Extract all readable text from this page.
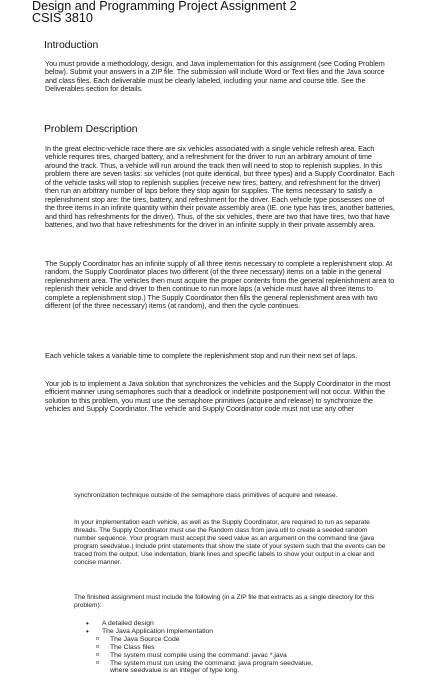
Design and Programming Project Assignment 2
CSIS 3810
Introduction

You must provide a methodology, design, and Java implementation for this assignment (see Coding Problem below). Submit your answers in a ZIP file. The submission will include Word or Text files and the Java source and class files. Each deliverable must be clearly labeled, including your name and course title. See the Deliverables section for details.

Problem Description

In the great electric-vehicle race there are six vehicles associated with a single vehicle refresh area. Each vehicle requires tires, charged battery, and a refreshment for the driver to run an arbitrary amount of time around the track. Thus, a vehicle will run around the track then will need to stop to replenish supplies. In this problem there are seven tasks: six vehicles (not quite identical, but three types) and a Supply Coordinator. Each of the vehicle tasks will stop to replenish supplies (receive new tires, battery, and refreshment for the driver) then run an arbitrary number of laps before they stop again for supplies. The items necessary to satisfy a replenishment stop are: the tires, battery, and refreshment for the driver. Each vehicle type possesses one of the three items in an infinite quantity within their private assembly area (IE. one type has tires, another batteries, and third has refreshments for the driver). Thus, of the six vehicles, there are two that have tires, two that have batteries, and two that have refreshments for the driver in an infinite supply in their private assembly area.

The Supply Coordinator has an infinite supply of all three items necessary to complete a replenishment stop. At random, the Supply Coordinator places two different (of the three necessary) items on a table in the general replenishment area. The vehicles then must acquire the proper contents from the general replenishment area to replenish their vehicle and driver to then continue to run more laps (a vehicle must have all three items to complete a replenishment stop.) The Supply Coordinator then fills the general replenishment area with two different (of the three necessary) items (at random), and then the cycle continues.

Each vehicle takes a variable time to complete the replenishment stop and run their next set of laps.

Your job is to implement a Java solution that synchronizes the vehicles and the Supply Coordinator in the most efficient manner using semaphores such that a deadlock or indefinite postponement will not occur. Within the solution to this problem, you must use the semaphore primitives (acquire and release) to synchronize the vehicles and Supply Coordinator. The vehicle and Supply Coordinator code must not use any other

synchronization technique outside of the semaphore class primitives of acquire and release.

In your implementation each vehicle, as well as the Supply Coordinator, are required to run as separate threads. The Supply Coordinator must use the Random class from java.util to create a seeded random number sequence. Your program must accept the seed value as an argument on the command line (java program seedvalue.) Include print statements that show the state of your system such that the events can be traced from the output. Use indentation, blank lines and specific labels to show your output in a clear and concise manner.

The finished assignment must include the following (in a ZIP file that extracts as a single directory for this problem):

• A detailed design
• The Java Application Implementation
o The Java Source Code
o The Class files
o The system must compile using the command: javac *.java
o The system must run using the command: java program seedvalue,
where seedvalue is an integer of type long.
